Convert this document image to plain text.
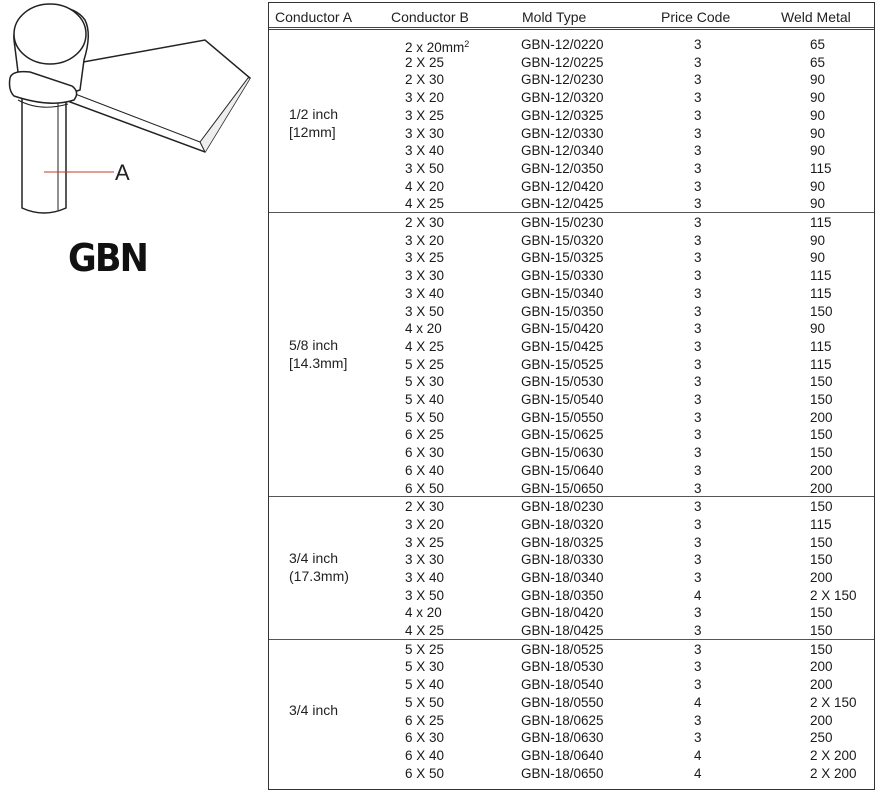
A
GBN
Conductor A	Conductor B	Mold Type	Price Code	Weld Metal
1/2 inch
[12mm]
2 x $20mm^2$	GBN-12/0220	3	65
2 X 25	GBN-12/0225	3	65
2 X 30	GBN-12/0230	3	90
3 X 20	GBN-12/0320	3	90
3 X 25	GBN-12/0325	3	90
3 X 30	GBN-12/0330	3	90
3 X 40	GBN-12/0340	3	90
3 X 50	GBN-12/0350	3	115
4 X 20	GBN-12/0420	3	90
4 X 25	GBN-12/0425	3	90
5/8 inch
[14.3mm]
2 X 30	GBN-15/0230	3	115
3 X 20	GBN-15/0320	3	90
3 X 25	GBN-15/0325	3	90
3 X 30	GBN-15/0330	3	115
3 X 40	GBN-15/0340	3	115
3 X 50	GBN-15/0350	3	150
4 x 20	GBN-15/0420	3	90
4 X 25	GBN-15/0425	3	115
5 X 25	GBN-15/0525	3	115
5 X 30	GBN-15/0530	3	150
5 X 40	GBN-15/0540	3	150
5 X 50	GBN-15/0550	3	200
6 X 25	GBN-15/0625	3	150
6 X 30	GBN-15/0630	3	150
6 X 40	GBN-15/0640	3	200
6 X 50	GBN-15/0650	3	200
3/4 inch
(17.3mm)
2 X 30	GBN-18/0230	3	150
3 X 20	GBN-18/0320	3	115
3 X 25	GBN-18/0325	3	150
3 X 30	GBN-18/0330	3	150
3 X 40	GBN-18/0340	3	200
3 X 50	GBN-18/0350	4	2 X 150
4 x 20	GBN-18/0420	3	150
4 X 25	GBN-18/0425	3	150
3/4 inch
5 X 25	GBN-18/0525	3	150
5 X 30	GBN-18/0530	3	200
5 X 40	GBN-18/0540	3	200
5 X 50	GBN-18/0550	4	2 X 150
6 X 25	GBN-18/0625	3	200
6 X 30	GBN-18/0630	3	250
6 X 40	GBN-18/0640	4	2 X 200
6 X 50	GBN-18/0650	4	2 X 200
